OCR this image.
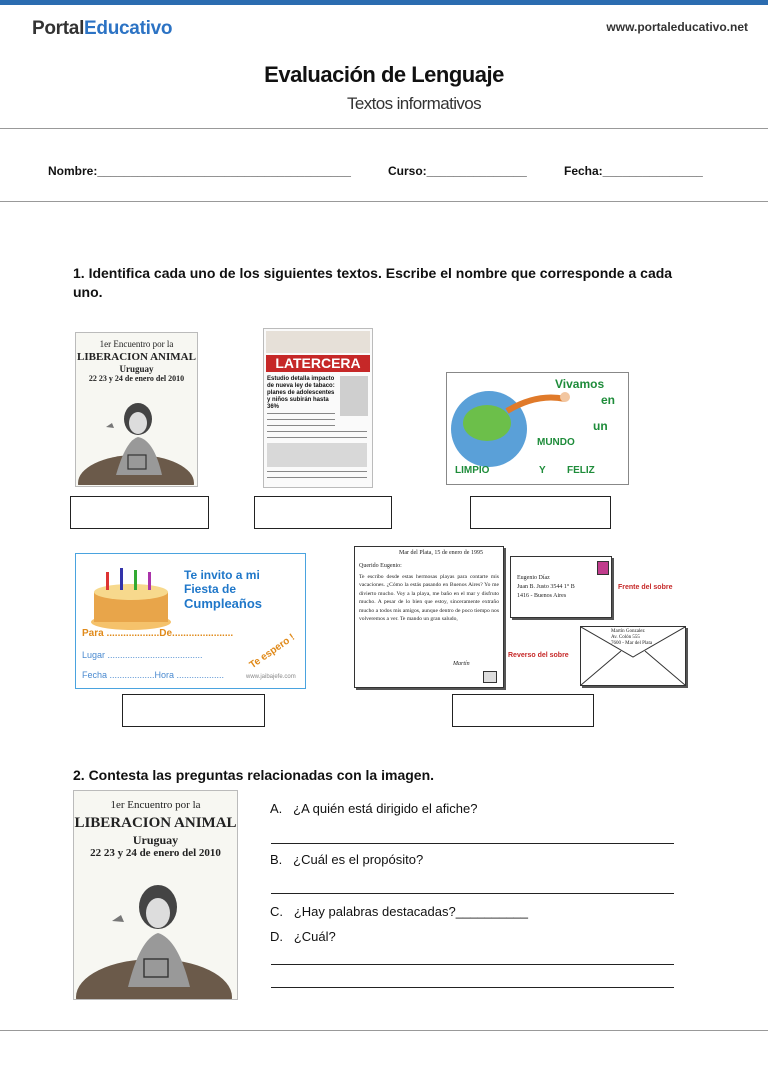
PortalEducativo	www.portaleducativo.net
Evaluación de Lenguaje
Textos informativos
Nombre:______________________________________	Curso:_______________	Fecha:_______________
1. Identifica cada uno de los siguientes textos. Escribe el nombre que corresponde a cada uno.
1er Encuentro por la
LIBERACION ANIMAL
Uruguay
22 23 y 24 de enero del 2010
LATERCERA
Estudio detalla impacto de nueva ley de tabaco: planes de adolescentes y niños subirán hasta 36%
Vivamos
en
un
MUNDO
LIMPIO	Y FELIZ
Te invito a mi
Fiesta de
Cumpleaños
Para ...................De......................
Lugar ......................................
Fecha ..................Hora ...................
Te espero !
www.jaibajefe.com
Mar del Plata, 15 de enero de 1995
Querido Eugenio:
Te escribo desde estas hermosas playas para contarte mis vacaciones. ¿Cómo la estás pasando en Buenos Aires? Yo me divierto mucho. Voy a la playa, me baño en el mar y disfruto mucho. A pesar de lo bien que estoy, sinceramente extraño mucho a todos mis amigos, aunque dentro de poco tiempo nos volveremos a ver. Te mando un gran saludo,
Martín
Eugenio Díaz
Juan B. Justo 3544 1° B
1416 - Buenos Aires
Frente del sobre
Martín Gonzalez
Av. Colón 555
7600 - Mar del Plata
Reverso del sobre
2. Contesta las preguntas relacionadas con la imagen.
1er Encuentro por la
LIBERACION ANIMAL
Uruguay
22 23 y 24 de enero del 2010
A. ¿A quién está dirigido el afiche?
B. ¿Cuál es el propósito?
C. ¿Hay palabras destacadas?__________
D. ¿Cuál?
